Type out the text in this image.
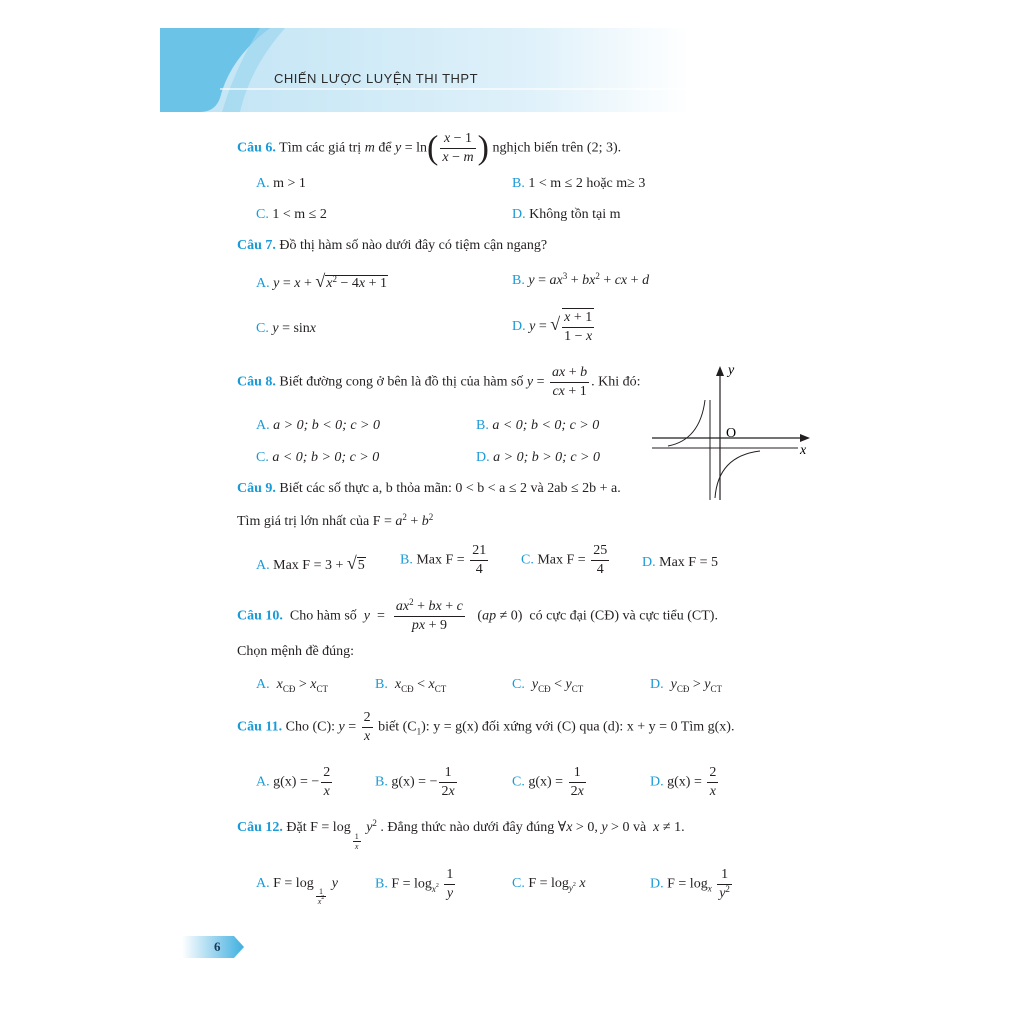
CHIẾN LƯỢC LUYỆN THI THPT
Câu 6. Tìm các giá trị m để $y = \ln( \frac{x - 1}{x - m}$ ) nghịch biến trên (2; 3).
A. m > 1	B. 1 < m ≤ 2 hoặc m≥ 3
C. 1 < m ≤ 2	D. Không tồn tại m
Câu 7. Đồ thị hàm số nào dưới đây có tiệm cận ngang?
A. $y = x + √x^2 - 4x + 1$	B. $y = ax^3 + bx^2$ + cx + d
C. y = sinx	D. y = √ $\frac{x + 1}{1 - x}$
Câu 8. Biết đường cong ở bên là đồ thị của hàm số $y = \frac{ax + b}{cx + 1}$ . Khi đó:
A. a > 0; b < 0; c > 0	B. a < 0; b < 0; c > 0
C. a < 0; b > 0; c > 0	D. a > 0; b > 0; c > 0
O
y
x
Câu 9. Biết các số thực a, b thỏa mãn: 0 < b < a ≤ 2 và 2ab ≤ 2b + a.
Tìm giá trị lớn nhất của $F = a^2 + b^2$
A. Max F = 3 + √5	B. Max $F = \frac{21}{4} C$. Max $F = \frac{25}{4} D$. Max F = 5
Câu 10. Cho hàm số $y = \frac{ax^2 + bx + c}{px + 9} (ap \ne 0)$  có cực đại (CĐ) và cực tiểu (CT).
Chọn mệnh đề đúng:
A. $x_{CĐ} > x_{CT}$	B. $x_{CĐ} < x_{CT}$	C. $y_{CĐ} < y_{CT}$	D. $y_{CĐ} > y_{CT}$
Câu 11. Cho (C): $y = \frac{2}{x}$ biết $(C_1)$: y = g(x) đối xứng với (C) qua (d): x + y = 0 Tìm g(x).
A. g(x) = − $\frac{2}{x}$	B. g(x) = − $\frac{1}{2x}$	C. $g(x) = \frac{1}{2x}$	D. $g(x) = \frac{2}{x}$
Câu 12. Đặt F = log
$_{\frac{1}{x}}$
$y^2$ . Đẳng thức nào dưới đây đúng ∀x > 0, y > 0 và x ≠ 1.
A. F = log
$_{\frac{1}{x^2}}$
y	B. $F = \log_{x^2} \frac{1}{y}$	C. $F = \log_{y^2} x$	D. $F = \log_x \frac{1}{y^2}$
6
